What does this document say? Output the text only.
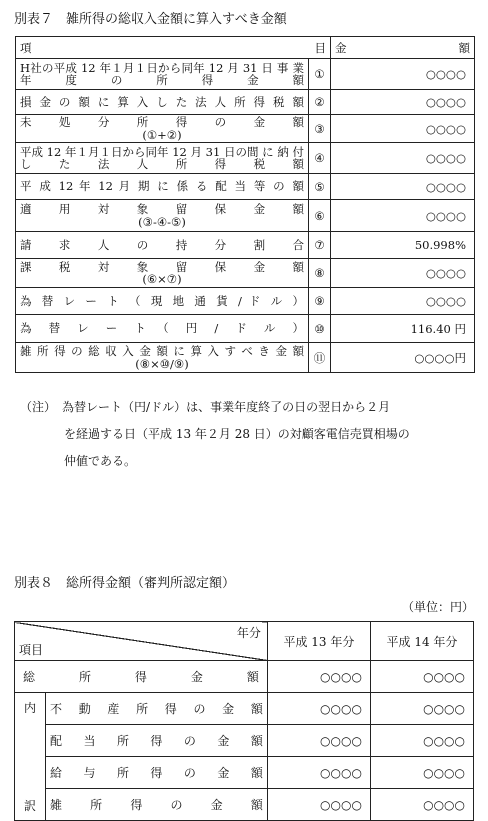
別表７　雑所得の総収入金額に算入すべき金額
項 目		金 額

H社の平成 12 年１月１日から同年 12 月 31 日 事 業 年 度 の 所 得 金 額	①	○○○○
損 金 の 額 に 算 入 し た 法 人 所 得 税 額	②	○○○○
未　処　分　所　得　の　金　額
(①+②)	③	○○○○
平成 12 年１月１日から同年 12 月 31 日の間 に 納 付 し た 法 人 所 得 税 額	④	○○○○
平 成 12 年 12 月 期 に 係 る 配 当 等 の 額	⑤	○○○○
適　用　対　象　留　保　金　額
(③-④-⑤)	⑥	○○○○
請　求　人　の　持　分　割　合	⑦	50.998%
課　税　対　象　留　保　金　額
(⑥×⑦)	⑧	○○○○
為 替 レ ー ト （ 現 地 通 貨 / ド ル ）	⑨	○○○○
為　替　レ　ー　ト　（　円　/　ド　ル　）	⑩	116.40 円
雑所得の総収入金額に算入すべき金額
(⑧×⑩/⑨)	⑪	○○○○円
（注）　 為替レート（円/ドル）は、事業年度終了の日の翌日から２月
を経過する日（平成 13 年２月 28 日）の対顧客電信売買相場の
仲値である。
別表８　総所得金額（審判所認定額）
（単位：円）
年分
項目		平成 13 年分	平成 14 年分
総　　所　　得　　金　　額		○○○○	○○○○
内
訳	不動産所得の金額	○○○○	○○○○
	配当所得の金額	○○○○	○○○○
	給与所得の金額	○○○○	○○○○
	雑所得の金額	○○○○	○○○○
